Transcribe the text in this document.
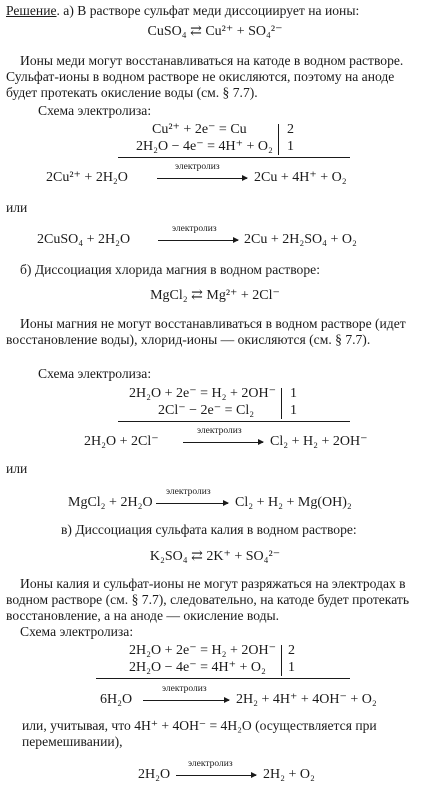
Решение. а) В растворе сульфат меди диссоциирует на ионы:
CuSO₄ ⇄ Cu²⁺ + SO₄²⁻
Ионы меди могут восстанавливаться на катоде в водном растворе. Сульфат-ионы в водном растворе не окисляются, поэтому на аноде будет протекать окисление воды (см. § 7.7).
Схема электролиза:
Cu²⁺ + 2e⁻ = Cu
2H₂O − 4e⁻ = 4H⁺ + O₂
2
1
2Cu²⁺ + 2H₂O
электролиз
2Cu + 4H⁺ + O₂
или
2CuSO₄ + 2H₂O
электролиз
2Cu + 2H₂SO₄ + O₂
б) Диссоциация хлорида магния в водном растворе:
MgCl₂ ⇄ Mg²⁺ + 2Cl⁻
Ионы магния не могут восстанавливаться в водном растворе (идет восстановление воды), хлорид-ионы — окисляются (см. § 7.7).
Схема электролиза:
2H₂O + 2e⁻ = H₂ + 2OH⁻
2Cl⁻ − 2e⁻ = Cl₂
1
1
2H₂O + 2Cl⁻
электролиз
Cl₂ + H₂ + 2OH⁻
или
MgCl₂ + 2H₂O
электролиз
Cl₂ + H₂ + Mg(OH)₂
в) Диссоциация сульфата калия в водном растворе:
K₂SO₄ ⇄ 2K⁺ + SO₄²⁻
Ионы калия и сульфат-ионы не могут разряжаться на электродах в водном растворе (см. § 7.7), следовательно, на катоде будет протекать восстановление, а на аноде — окисление воды.
Схема электролиза:
2H₂O + 2e⁻ = H₂ + 2OH⁻
2H₂O − 4e⁻ = 4H⁺ + O₂
2
1
6H₂O
электролиз
2H₂ + 4H⁺ + 4OH⁻ + O₂
или, учитывая, что 4H⁺ + 4OH⁻ = 4H₂O (осуществляется при перемешивании),
2H₂O
электролиз
2H₂ + O₂
